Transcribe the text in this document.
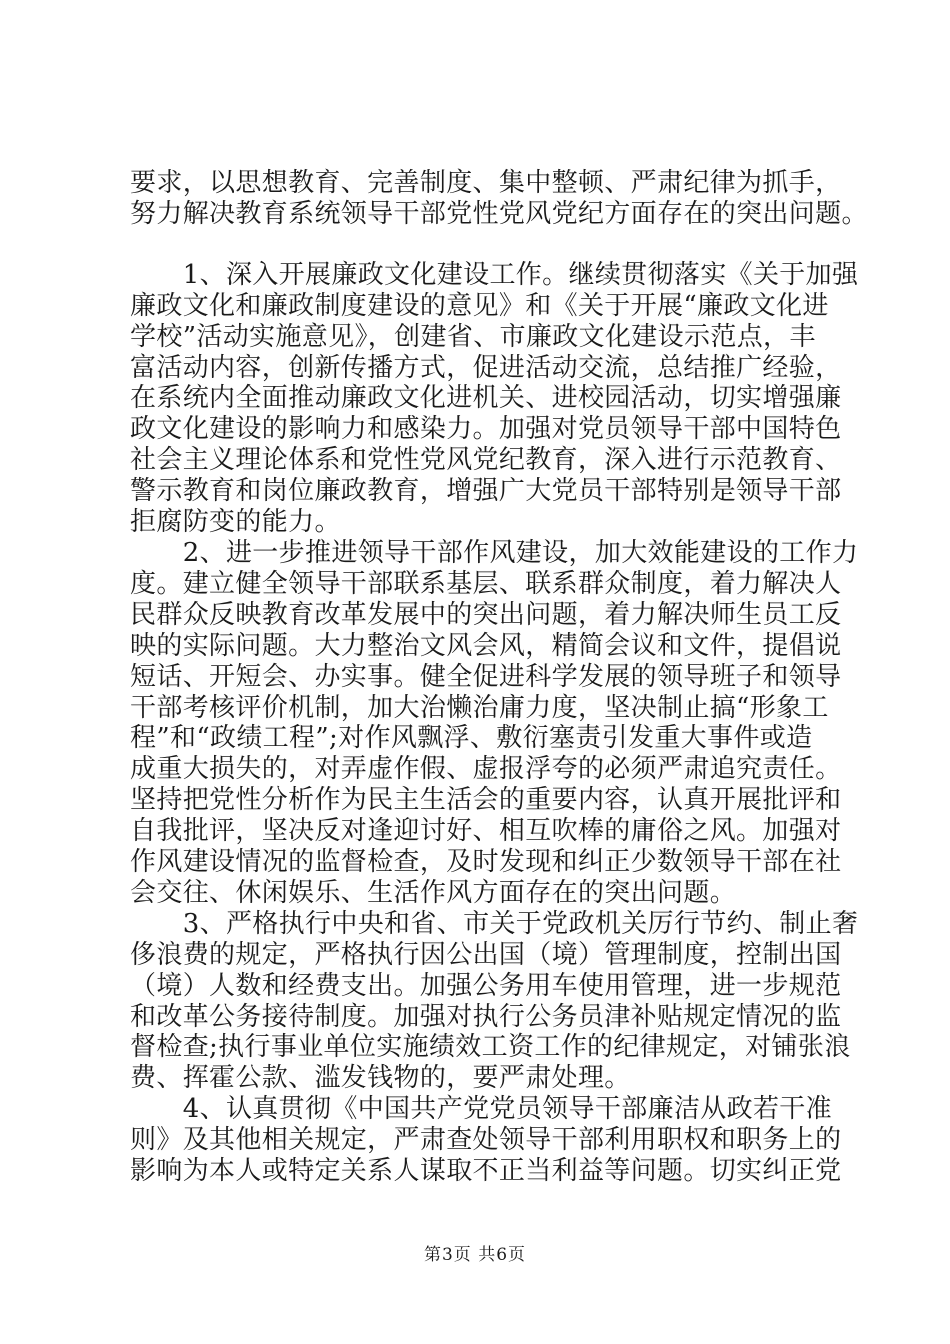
要求，以思想教育、完善制度、集中整顿、严肃纪律为抓手，
努力解决教育系统领导干部党性党风党纪方面存在的突出问题。
　　1、深入开展廉政文化建设工作。继续贯彻落实《关于加强
廉政文化和廉政制度建设的意见》和《关于开展“廉政文化进
学校”活动实施意见》，创建省、市廉政文化建设示范点，丰
富活动内容，创新传播方式，促进活动交流，总结推广经验，
在系统内全面推动廉政文化进机关、进校园活动，切实增强廉
政文化建设的影响力和感染力。加强对党员领导干部中国特色
社会主义理论体系和党性党风党纪教育，深入进行示范教育、
警示教育和岗位廉政教育，增强广大党员干部特别是领导干部
拒腐防变的能力。
　　2、进一步推进领导干部作风建设，加大效能建设的工作力
度。建立健全领导干部联系基层、联系群众制度，着力解决人
民群众反映教育改革发展中的突出问题，着力解决师生员工反
映的实际问题。大力整治文风会风，精简会议和文件，提倡说
短话、开短会、办实事。健全促进科学发展的领导班子和领导
干部考核评价机制，加大治懒治庸力度，坚决制止搞“形象工
程”和“政绩工程”;对作风飘浮、敷衍塞责引发重大事件或造
成重大损失的，对弄虚作假、虚报浮夸的必须严肃追究责任。
坚持把党性分析作为民主生活会的重要内容，认真开展批评和
自我批评，坚决反对逢迎讨好、相互吹棒的庸俗之风。加强对
作风建设情况的监督检查，及时发现和纠正少数领导干部在社
会交往、休闲娱乐、生活作风方面存在的突出问题。
　　3、严格执行中央和省、市关于党政机关厉行节约、制止奢
侈浪费的规定，严格执行因公出国（境）管理制度，控制出国
（境）人数和经费支出。加强公务用车使用管理，进一步规范
和改革公务接待制度。加强对执行公务员津补贴规定情况的监
督检查;执行事业单位实施绩效工资工作的纪律规定，对铺张浪
费、挥霍公款、滥发钱物的，要严肃处理。
　　4、认真贯彻《中国共产党党员领导干部廉洁从政若干准
则》及其他相关规定，严肃查处领导干部利用职权和职务上的
影响为本人或特定关系人谋取不正当利益等问题。切实纠正党
第3页 共6页
